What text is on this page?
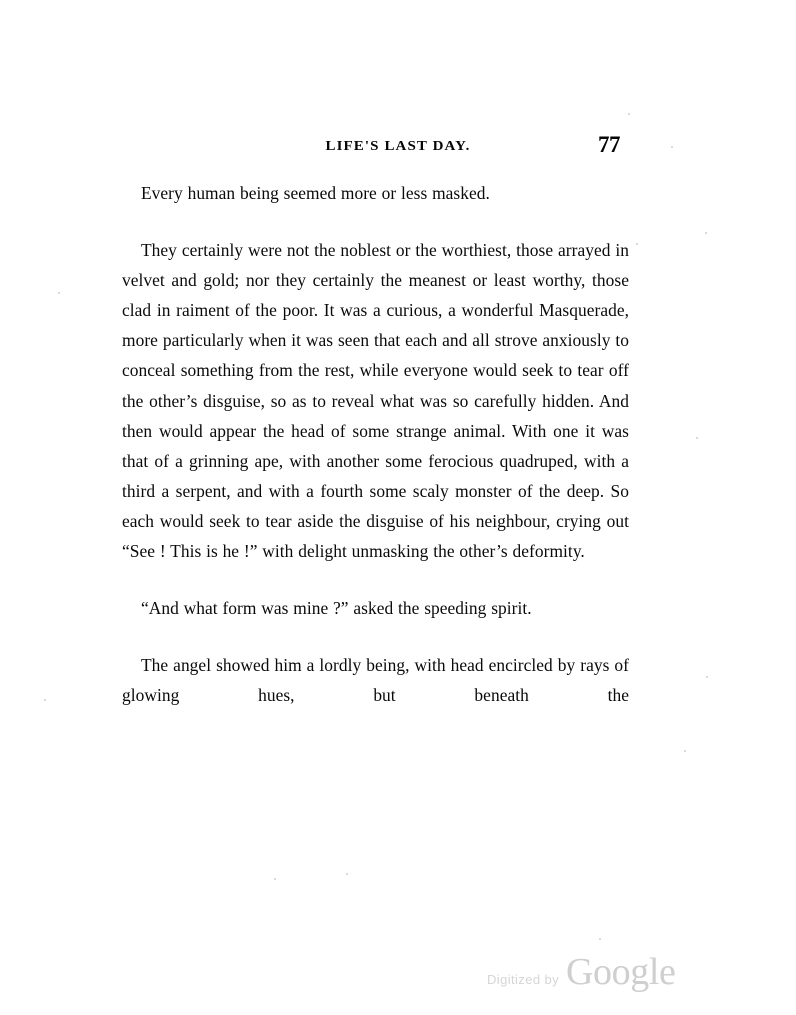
LIFE'S LAST DAY.	77

Every human being seemed more or less masked.

They certainly were not the noblest or the worthiest, those arrayed in velvet and gold; nor they certainly the meanest or least worthy, those clad in raiment of the poor. It was a curious, a wonderful Masquerade, more particularly when it was seen that each and all strove anxiously to conceal something from the rest, while everyone would seek to tear off the other’s disguise, so as to reveal what was so carefully hidden. And then would appear the head of some strange animal. With one it was that of a grinning ape, with another some ferocious quadruped, with a third a serpent, and with a fourth some scaly monster of the deep. So each would seek to tear aside the disguise of his neighbour, crying out “See ! This is he !” with delight unmasking the other’s deformity.

“And what form was mine ?” asked the speeding spirit.

The angel showed him a lordly being, with head encircled by rays of glowing hues, but beneath the

Digitized by Google
